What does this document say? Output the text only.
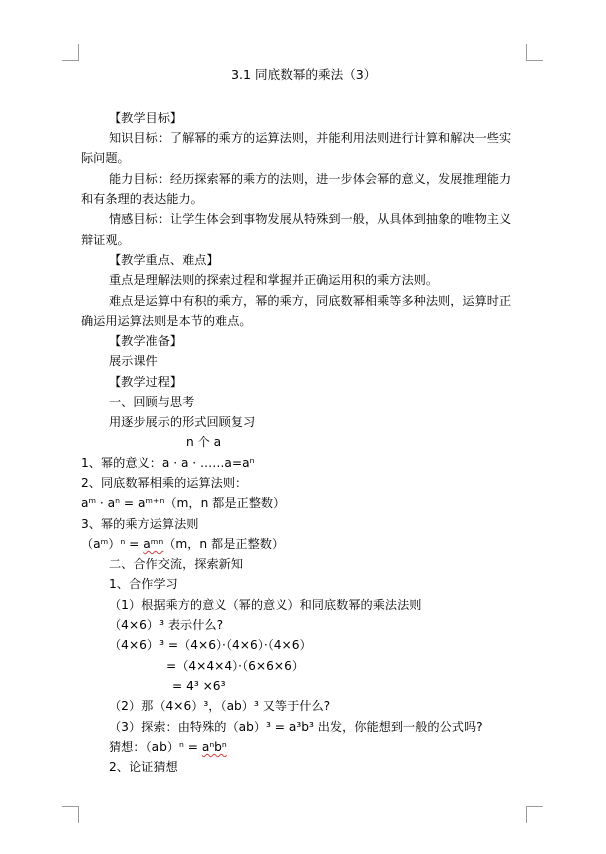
3.1 同底数幂的乘法（3）
【教学目标】
知识目标：了解幂的乘方的运算法则，并能利用法则进行计算和解决一些实
际问题。
能力目标：经历探索幂的乘方的法则，进一步体会幂的意义，发展推理能力
和有条理的表达能力。
情感目标：让学生体会到事物发展从特殊到一般，从具体到抽象的唯物主义
辩证观。
【教学重点、难点】
重点是理解法则的探索过程和掌握并正确运用积的乘方法则。
难点是运算中有积的乘方，幂的乘方，同底数幂相乘等多种法则，运算时正
确运用运算法则是本节的难点。
【教学准备】
展示课件
【教学过程】
一、回顾与思考
用逐步展示的形式回顾复习
n 个 a
1、幂的意义：a · a · ……a=aⁿ
2、同底数幂相乘的运算法则：
aᵐ · aⁿ = aᵐ⁺ⁿ（m，n 都是正整数）
3、幂的乘方运算法则
（aᵐ）ⁿ = aᵐⁿ（m，n 都是正整数）
二、合作交流，探索新知
1、合作学习
（1）根据乘方的意义（幂的意义）和同底数幂的乘法法则
（4×6）³ 表示什么?
（4×6）³ =（4×6）·（4×6）·（4×6）
=（4×4×4）·（6×6×6）
= 4³ ×6³
（2）那（4×6）³，（ab）³ 又等于什么?
（3）探索：由特殊的（ab）³ = a³b³ 出发，你能想到一般的公式吗?
猜想：（ab）ⁿ = aⁿbⁿ
2、论证猜想
